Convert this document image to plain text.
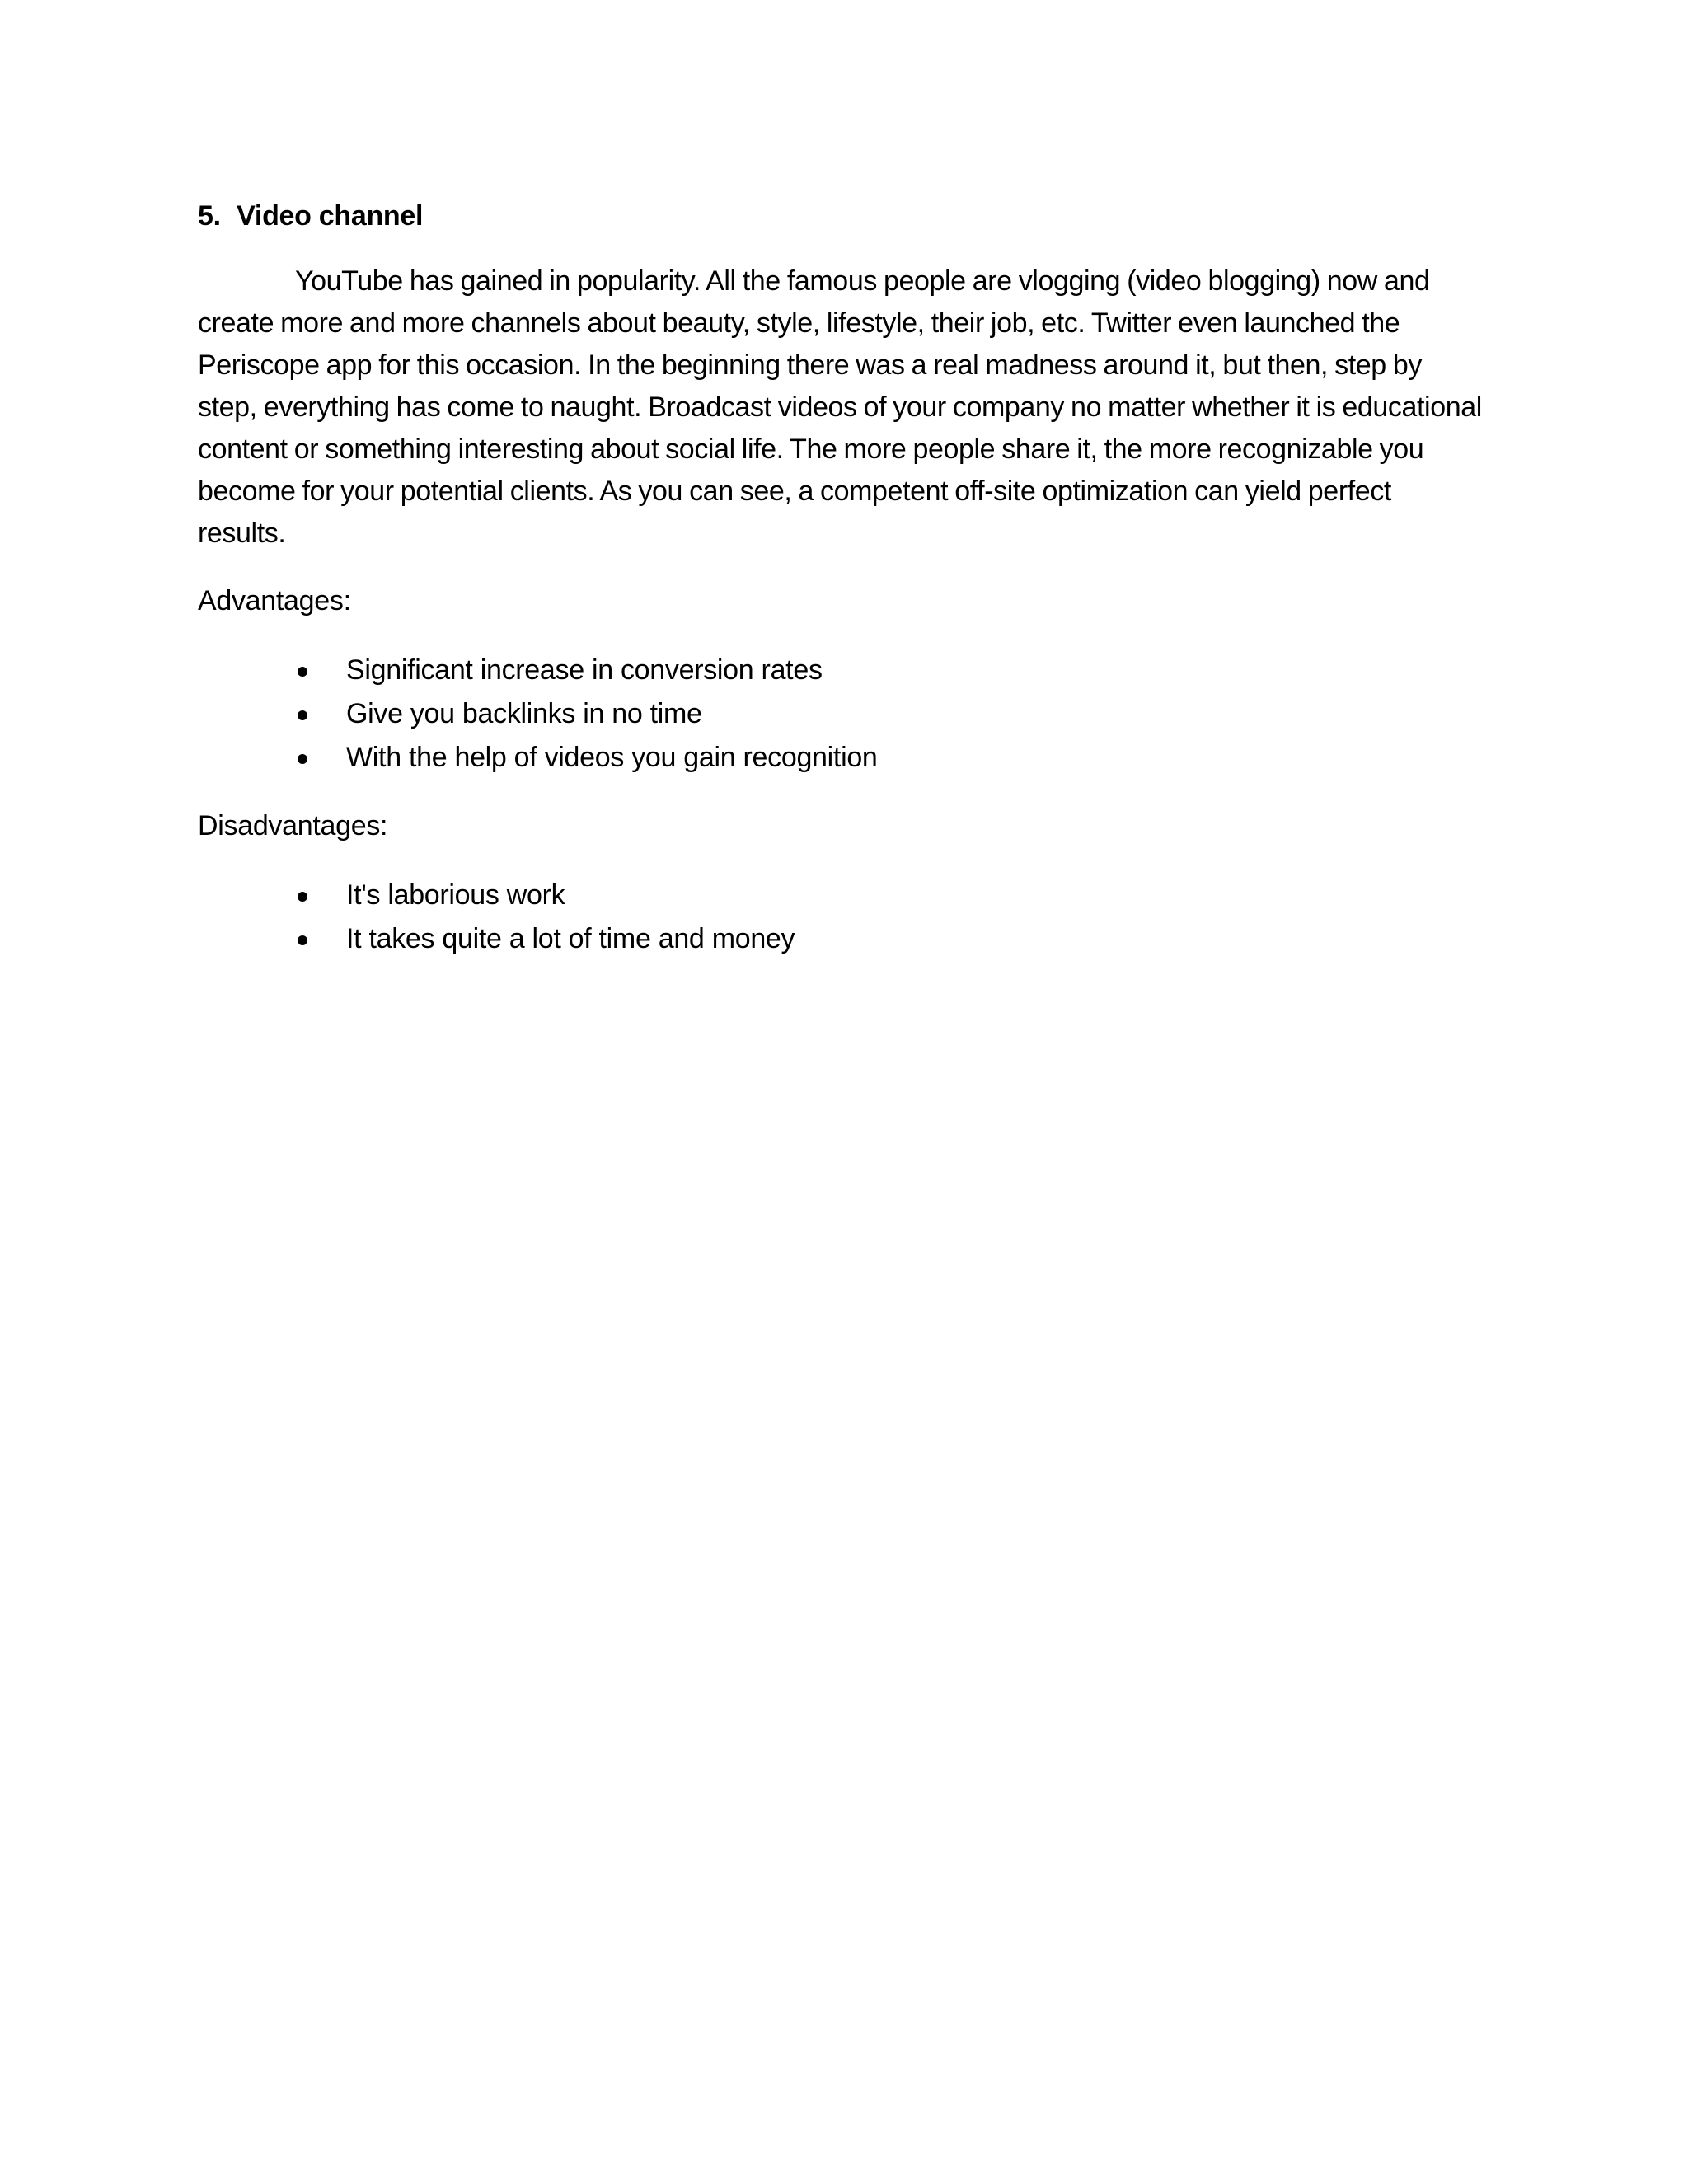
5. Video channel

YouTube has gained in popularity. All the famous people are vlogging (video blogging) now and create more and more channels about beauty, style, lifestyle, their job, etc. Twitter even launched the Periscope app for this occasion. In the beginning there was a real madness around it, but then, step by step, everything has come to naught. Broadcast videos of your company no matter whether it is educational content or something interesting about social life. The more people share it, the more recognizable you become for your potential clients. As you can see, a competent off-site optimization can yield perfect results.

Advantages:
Significant increase in conversion rates
Give you backlinks in no time
With the help of videos you gain recognition
Disadvantages:
It's laborious work
It takes quite a lot of time and money
